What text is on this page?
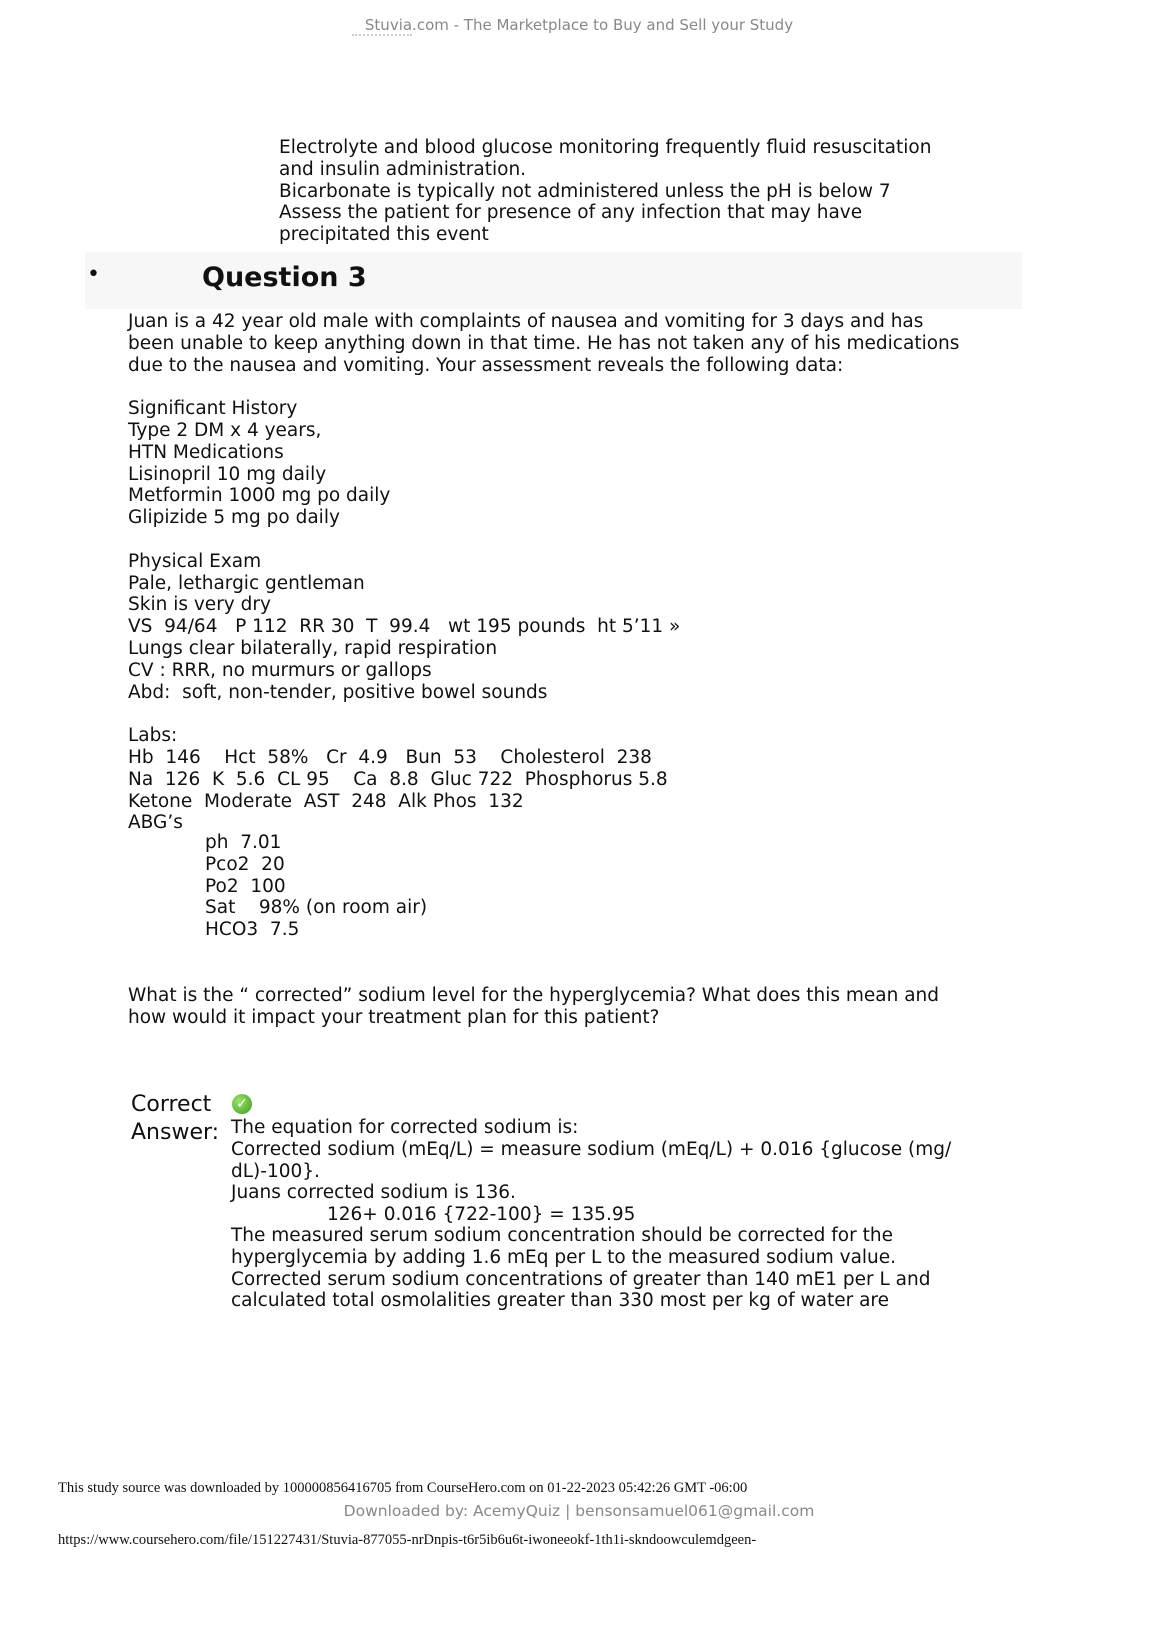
Stuvia.com - The Marketplace to Buy and Sell your Study
Electrolyte and blood glucose monitoring frequently fluid resuscitation
and insulin administration.
Bicarbonate is typically not administered unless the pH is below 7
Assess the patient for presence of any infection that may have
precipitated this event
•	Question 3
Juan is a 42 year old male with complaints of nausea and vomiting for 3 days and has
been unable to keep anything down in that time. He has not taken any of his medications
due to the nausea and vomiting. Your assessment reveals the following data:
Significant History
Type 2 DM x 4 years,
HTN Medications
Lisinopril 10 mg daily
Metformin 1000 mg po daily
Glipizide 5 mg po daily
Physical Exam
Pale, lethargic gentleman
Skin is very dry
VS  94/64   P 112  RR 30  T  99.4   wt 195 pounds  ht 5’11 »
Lungs clear bilaterally, rapid respiration
CV : RRR, no murmurs or gallops
Abd:  soft, non-tender, positive bowel sounds
Labs:
Hb  146    Hct  58%   Cr  4.9   Bun  53    Cholesterol  238
Na  126  K  5.6  CL 95    Ca  8.8  Gluc 722  Phosphorus 5.8
Ketone  Moderate  AST  248  Alk Phos  132
ABG’s
ph  7.01
Pco2  20
Po2  100
Sat    98% (on room air)
HCO3  7.5
What is the “ corrected” sodium level for the hyperglycemia? What does this mean and
how would it impact your treatment plan for this patient?
Correct ✓
Answer: The equation for corrected sodium is:
Corrected sodium (mEq/L) = measure sodium (mEq/L) + 0.016 {glucose (mg/
dL)-100}.
Juans corrected sodium is 136.
126+ 0.016 {722-100} = 135.95
The measured serum sodium concentration should be corrected for the
hyperglycemia by adding 1.6 mEq per L to the measured sodium value.
Corrected serum sodium concentrations of greater than 140 mE1 per L and
calculated total osmolalities greater than 330 most per kg of water are
This study source was downloaded by 100000856416705 from CourseHero.com on 01-22-2023 05:42:26 GMT -06:00
Downloaded by: AcemyQuiz | bensonsamuel061@gmail.com
https://www.coursehero.com/file/151227431/Stuvia-877055-nrDnpis-t6r5ib6u6t-iwoneeokf-1th1i-skndoowculemdgeen-
